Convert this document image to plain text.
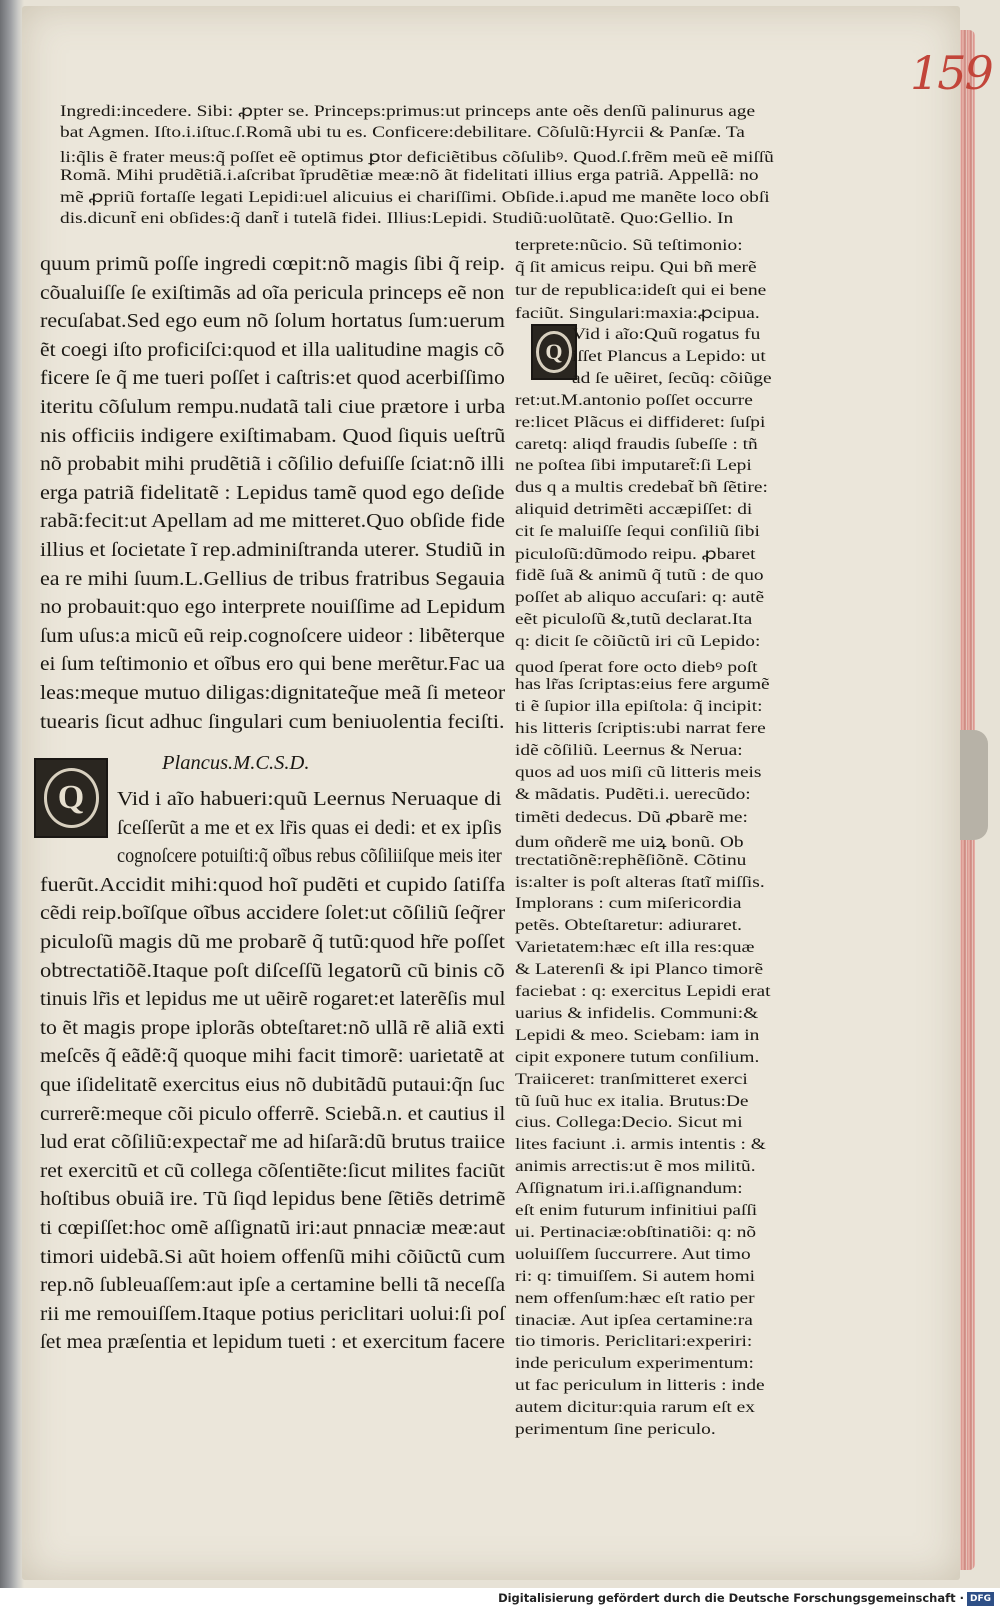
159
Ingredi:incedere. Sibi: ꝓpter se. Princeps:primus:ut princeps ante oẽs denſũ palinurus age
bat Agmen. Iſto.i.iſtuc.ſ.Romã ubi tu es. Conficere:debilitare. Cõſulũ:Hyrcii & Panſæ. Ta
li:q̃lis ẽ frater meus:q̃ poſſet eẽ optimus ꝑtor deficiẽtibus cõſulibꝰ. Quod.ſ.frẽm meũ eẽ miſſũ
Romã. Mihi prudẽtiã.i.aſcribat ĩprudẽtiæ meæ:nõ ãt fidelitati illius erga patriã. Appellã: no
mẽ ꝓpriũ fortaſſe legati Lepidi:uel alicuius ei chariſſimi. Obſide.i.apud me manẽte loco obſi
dis.dicunt̃ eni obſides:q̃ dant̃ i tutelã fidei. Illius:Lepidi. Studiũ:uolũtatẽ. Quo:Gellio. In
quum primũ poſſe ingredi cœpit:nõ magis ſibi q̃ reip.
cõualuiſſe ſe exiſtimãs ad oĩa pericula princeps eẽ non
recuſabat.Sed ego eum nõ ſolum hortatus ſum:uerum
ẽt coegi iſto proficiſci:quod et illa ualitudine magis cõ
ficere ſe q̃ me tueri poſſet i caſtris:et quod acerbiſſimo
iteritu cõſulum rempu.nudatã tali ciue prætore i urba
nis officiis indigere exiſtimabam. Quod ſiquis ueſtrũ
nõ probabit mihi prudẽtiã i cõſilio defuiſſe ſciat:nõ illi
erga patriã fidelitatẽ : Lepidus tamẽ quod ego deſide
rabã:fecit:ut Apellam ad me mitteret.Quo obſide fide
illius et ſocietate ĩ rep.adminiſtranda uterer. Studiũ in
ea re mihi ſuum.L.Gellius de tribus fratribus Segauia
no probauit:quo ego interprete nouiſſime ad Lepidum
ſum uſus:a micũ eũ reip.cognoſcere uideor : libẽterque
ei ſum teſtimonio et oĩbus ero qui bene merẽtur.Fac ua
leas:meque mutuo diligas:dignitateq̃ue meã ſi meteor
tuearis ſicut adhuc ſingulari cum beniuolentia feciſti.
Plancus.M.C.S.D.
Q Vid i aĩo habueri:quũ Leernus Neruaque di
ſceſſerũt a me et ex lr̃is quas ei dedi: et ex ipſis
cognoſcere potuiſti:q̃ oĩbus rebus cõſiliiſque meis iter
fuerũt.Accidit mihi:quod hoĩ pudẽti et cupido ſatiſfa
cẽdi reip.boĩſque oĩbus accidere ſolet:ut cõſiliũ ſeq̃rer
piculoſũ magis dũ me probarẽ q̃ tutũ:quod hr̃e poſſet
obtrectatiõẽ.Itaque poſt diſceſſũ legatorũ cũ binis cõ
tinuis lr̃is et lepidus me ut uẽirẽ rogaret:et laterẽſis mul
to ẽt magis prope iplorãs obteſtaret:nõ ullã rẽ aliã exti
meſcẽs q̃ eãdẽ:q̃ quoque mihi facit timorẽ: uarietatẽ at
que iſidelitatẽ exercitus eius nõ dubitãdũ putaui:q̃n ſuc
currerẽ:meque cõi piculo offerrẽ. Sciebã.n. et cautius il
lud erat cõſiliũ:expectar̃ me ad hiſarã:dũ brutus traiice
ret exercitũ et cũ collega cõſentiẽte:ſicut milites faciũt
hoſtibus obuiã ire. Tũ ſiqd lepidus bene ſẽtiẽs detrimẽ
ti cœpiſſet:hoc omẽ aſſignatũ iri:aut pnnaciæ meæ:aut
timori uidebã.Si aũt hoiem offenſũ mihi cõiũctũ cum
rep.nõ ſubleuaſſem:aut ipſe a certamine belli tã neceſſa
rii me remouiſſem.Itaque potius periclitari uolui:ſi poſ
ſet mea præſentia et lepidum tueti : et exercitum facere
terprete:nũcio. Sũ teſtimonio:
q̃ ſit amicus reipu. Qui bñ merẽ
tur de republica:ideſt qui ei bene
faciũt. Singulari:maxia:ꝓcipua.
Q
Vid i aĩo:Quũ rogatus fu
iſſet Plancus a Lepido: ut
ad ſe uẽiret, ſecũq: cõiũge
ret:ut.M.antonio poſſet occurre
re:licet Plãcus ei diffideret: ſuſpi
caretq: aliqd fraudis ſubeſſe : tñ
ne poſtea ſibi imputaret̃:ſi Lepi
dus q a multis credebat̃ bñ ſẽtire:
aliquid detrimẽti accæpiſſet: di
cit ſe maluiſſe ſequi conſiliũ ſibi
piculoſũ:dũmodo reipu. ꝓbaret
fidẽ ſuã & animũ q̃ tutũ : de quo
poſſet ab aliquo accuſari: q: autẽ
eẽt piculoſũ &,tutũ declarat.Ita
q: dicit ſe cõiũctũ iri cũ Lepido:
quod ſperat fore octo diebꝰ poſt
has lr̃as ſcriptas:eius fere argumẽ
ti ẽ ſupior illa epiſtola: q̃ incipit:
his litteris ſcriptis:ubi narrat fere
idẽ cõſiliũ. Leernus & Nerua:
quos ad uos miſi cũ litteris meis
& mãdatis. Pudẽti.i. uerecũdo:
timẽti dedecus. Dũ ꝓbarẽ me:
dum oñderẽ me uiꝝ bonũ. Ob
trectatiõnẽ:rephẽſiõnẽ. Cõtinu
is:alter is poſt alteras ſtatĩ miſſis.
Implorans : cum miſericordia
petẽs. Obteſtaretur: adiuraret.
Varietatem:hæc eſt illa res:quæ
& Laterenſi & ipi Planco timorẽ
faciebat : q: exercitus Lepidi erat
uarius & infidelis. Communi:&
Lepidi & meo. Sciebam: iam in
cipit exponere tutum conſilium.
Traiiceret: tranſmitteret exerci
tũ ſuũ huc ex italia. Brutus:De
cius. Collega:Decio. Sicut mi
lites faciunt .i. armis intentis : &
animis arrectis:ut ẽ mos militũ.
Aſſignatum iri.i.aſſignandum:
eſt enim futurum infinitiui paſſi
ui. Pertinaciæ:obſtinatiõi: q: nõ
uoluiſſem ſuccurrere. Aut timo
ri: q: timuiſſem. Si autem homi
nem offenſum:hæc eſt ratio per
tinaciæ. Aut ipſea certamine:ra
tio timoris. Periclitari:experiri:
inde periculum experimentum:
ut fac periculum in litteris : inde
autem dicitur:quia rarum eſt ex
perimentum ſine periculo.
Digitalisierung gefördert durch die Deutsche Forschungsgemeinschaft · DFG
